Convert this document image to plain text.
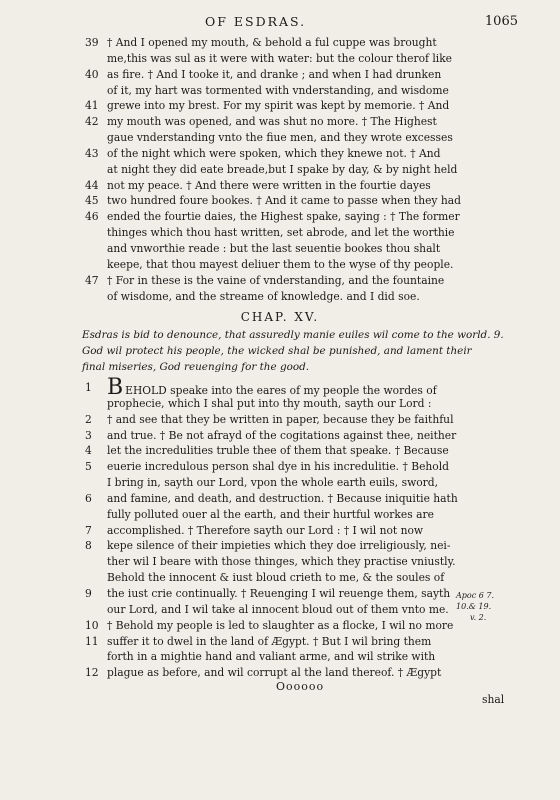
OF ESDRAS.	1065
39 † And I opened my mouth, & behold a ful cuppe was brought
me,this was sul as it were with water: but the colour therof like
40 as fire. † And I tooke it, and dranke ; and when I had drunken
of it, my hart was tormented with vnderstanding, and wisdome
41 grewe into my brest. For my spirit was kept by memorie. † And
42 my mouth was opened, and was shut no more. † The Highest
gaue vnderstanding vnto the fiue men, and they wrote excesses
43 of the night which were spoken, which they knewe not. † And
at night they did eate breade,but I spake by day, & by night held
44 not my peace. † And there were written in the fourtie dayes
45 two hundred foure bookes. † And it came to passe when they had
46 ended the fourtie daies, the Highest spake, saying : † The former
thinges which thou hast written, set abrode, and let the worthie
and vnworthie reade : but the last seuentie bookes thou shalt
keepe, that thou mayest deliuer them to the wyse of thy people.
47 † For in these is the vaine of vnderstanding, and the fountaine
of wisdome, and the streame of knowledge. and I did soe.
CHAP. XV.
Esdras is bid to denounce, that assuredly manie euiles wil come to the world. 9.
God wil protect his people, the wicked shal be punished, and lament their
final miseries, God reuenging for the good.
1 BEHOLD speake into the eares of my people the wordes of
prophecie, which I shal put into thy mouth, sayth our Lord :
2	† and see that they be written in paper, because they be faithful
3	and true. † Be not afrayd of the cogitations against thee, neither
4	let the incredulities truble thee of them that speake. † Because
5	euerie incredulous person shal dye in his incredulitie. † Behold
I bring in, sayth our Lord, vpon the whole earth euils, sword,
6	and famine, and death, and destruction. † Because iniquitie hath
fully polluted ouer al the earth, and their hurtful workes are
7	accomplished. † Therefore sayth our Lord : † I wil not now
8	kepe silence of their impieties which they doe irreligiously, nei-
ther wil I beare with those thinges, which they practise vniustly.
Behold the innocent & iust bloud crieth to me, & the soules of
9	the iust crie continually. † Reuenging I wil reuenge them, sayth
our Lord, and I wil take al innocent bloud out of them vnto me.
10 † Behold my people is led to slaughter as a flocke, I wil no more
11 suffer it to dwel in the land of Ægypt. † But I wil bring them
forth in a mightie hand and valiant arme, and wil strike with
12 plague as before, and wil corrupt al the land thereof. † Ægypt
Apoc 6 7.
10.& 19.
v. 2.
Oooooo
shal
